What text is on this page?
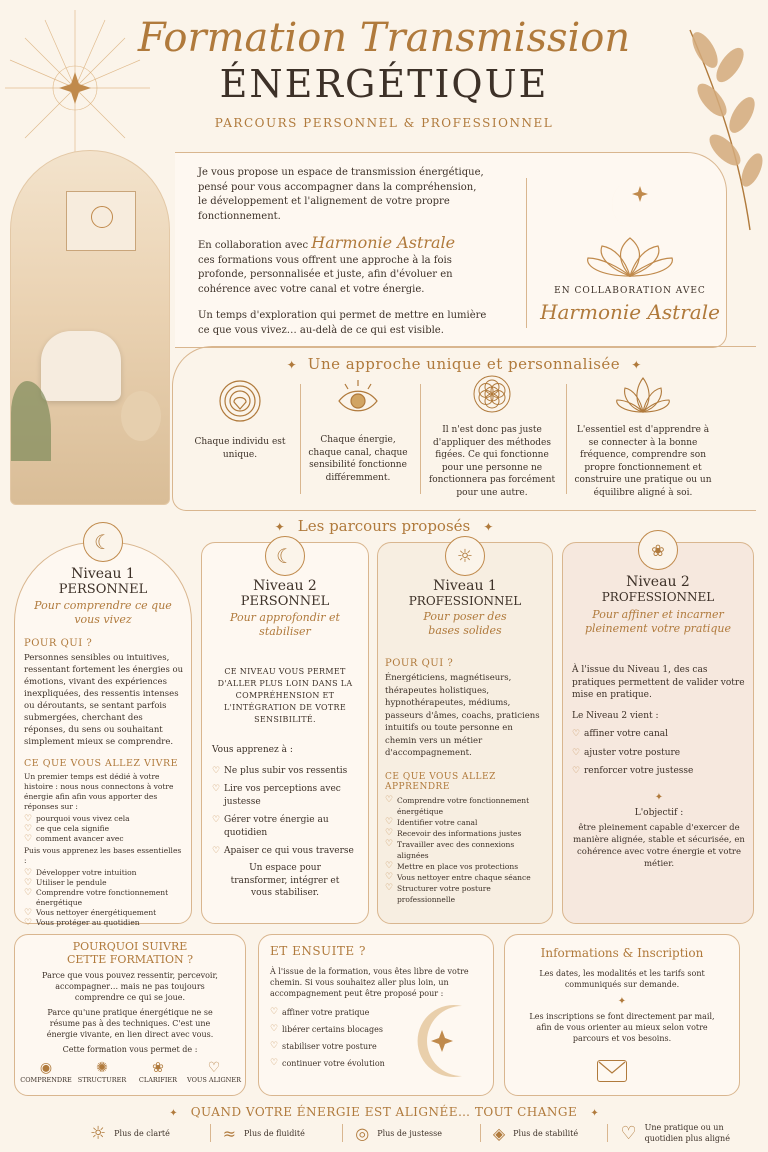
Formation Transmission
ÉNERGÉTIQUE
PARCOURS PERSONNEL & PROFESSIONNEL

Je vous propose un espace de transmission énergétique, pensé pour vous accompagner dans la compréhension, le développement et l'alignement de votre propre fonctionnement.

En collaboration avec Harmonie Astrale

ces formations vous offrent une approche à la fois profonde, personnalisée et juste, afin d'évoluer en cohérence avec votre canal et votre énergie.

Un temps d'exploration qui permet de mettre en lumière ce que vous vivez… au-delà de ce qui est visible.

EN COLLABORATION AVEC
Harmonie Astrale
✦ Une approche unique et personnalisée ✦
Chaque individu est unique.
Chaque énergie, chaque canal, chaque sensibilité fonctionne différemment.
Il n'est donc pas juste d'appliquer des méthodes figées. Ce qui fonctionne pour une personne ne fonctionnera pas forcément pour une autre.
L'essentiel est d'apprendre à se connecter à la bonne fréquence, comprendre son propre fonctionnement et construire une pratique ou un équilibre aligné à soi.
✦ Les parcours proposés ✦
☾
Niveau 1
PERSONNEL
Pour comprendre ce que vous vivez
POUR QUI ?
Personnes sensibles ou intuitives, ressentant fortement les énergies ou émotions, vivant des expériences inexpliquées, des ressentis intenses ou déroutants, se sentant parfois submergées, cherchant des réponses, du sens ou souhaitant simplement mieux se comprendre.
CE QUE VOUS ALLEZ VIVRE
Un premier temps est dédié à votre histoire : nous nous connectons à votre énergie afin afin vous apporter des réponses sur :
♡ pourquoi vous vivez cela
♡ ce que cela signifie
♡ comment avancer avec
Puis vous apprenez les bases essentielles :
♡ Développer votre intuition
♡ Utiliser le pendule
♡ Comprendre votre fonctionnement énergétique
♡ Vous nettoyer énergétiquement
♡ Vous protéger au quotidien
☾
Niveau 2
PERSONNEL
Pour approfondir et stabiliser
CE NIVEAU VOUS PERMET D'ALLER PLUS LOIN DANS LA COMPRÉHENSION ET L'INTÉGRATION DE VOTRE SENSIBILITÉ.
Vous apprenez à :
♡ Ne plus subir vos ressentis
♡ Lire vos perceptions avec justesse
♡ Gérer votre énergie au quotidien
♡ Apaiser ce qui vous traverse
Un espace pour transformer, intégrer et vous stabiliser.
☼
Niveau 1
PROFESSIONNEL
Pour poser des bases solides
POUR QUI ?
Énergéticiens, magnétiseurs, thérapeutes holistiques, hypnothérapeutes, médiums, passeurs d'âmes, coachs, praticiens intuitifs ou toute personne en chemin vers un métier d'accompagnement.
CE QUE VOUS ALLEZ APPRENDRE
♡ Comprendre votre fonctionnement énergétique
♡ Identifier votre canal
♡ Recevoir des informations justes
♡ Travailler avec des connexions alignées
♡ Mettre en place vos protections
♡ Vous nettoyer entre chaque séance
♡ Structurer votre posture professionnelle
❀
Niveau 2
PROFESSIONNEL
Pour affiner et incarner pleinement votre pratique
À l'issue du Niveau 1, des cas pratiques permettent de valider votre mise en pratique.
Le Niveau 2 vient :
♡ affiner votre canal
♡ ajuster votre posture
♡ renforcer votre justesse
✦
L'objectif :
être pleinement capable d'exercer de manière alignée, stable et sécurisée, en cohérence avec votre énergie et votre métier.
POURQUOI SUIVRE CETTE FORMATION ?
Parce que vous pouvez ressentir, percevoir, accompagner… mais ne pas toujours comprendre ce qui se joue.
Parce qu'une pratique énergétique ne se résume pas à des techniques. C'est une énergie vivante, en lien direct avec vous.
Cette formation vous permet de :
◉
COMPRENDRE
✺
STRUCTURER
❀
CLARIFIER
♡
VOUS ALIGNER
ET ENSUITE ?
À l'issue de la formation, vous êtes libre de votre chemin. Si vous souhaitez aller plus loin, un accompagnement peut être proposé pour :
♡ affiner votre pratique
♡ libérer certains blocages
♡ stabiliser votre posture
♡ continuer votre évolution
Informations & Inscription
Les dates, les modalités et les tarifs sont communiqués sur demande.
✦
Les inscriptions se font directement par mail, afin de vous orienter au mieux selon votre parcours et vos besoins.
✦ QUAND VOTRE ÉNERGIE EST ALIGNÉE… TOUT CHANGE ✦
☼ Plus de clarté	≈ Plus de fluidité	◎ Plus de justesse	◈ Plus de stabilité ♡ Une pratique ou un quotidien plus aligné
